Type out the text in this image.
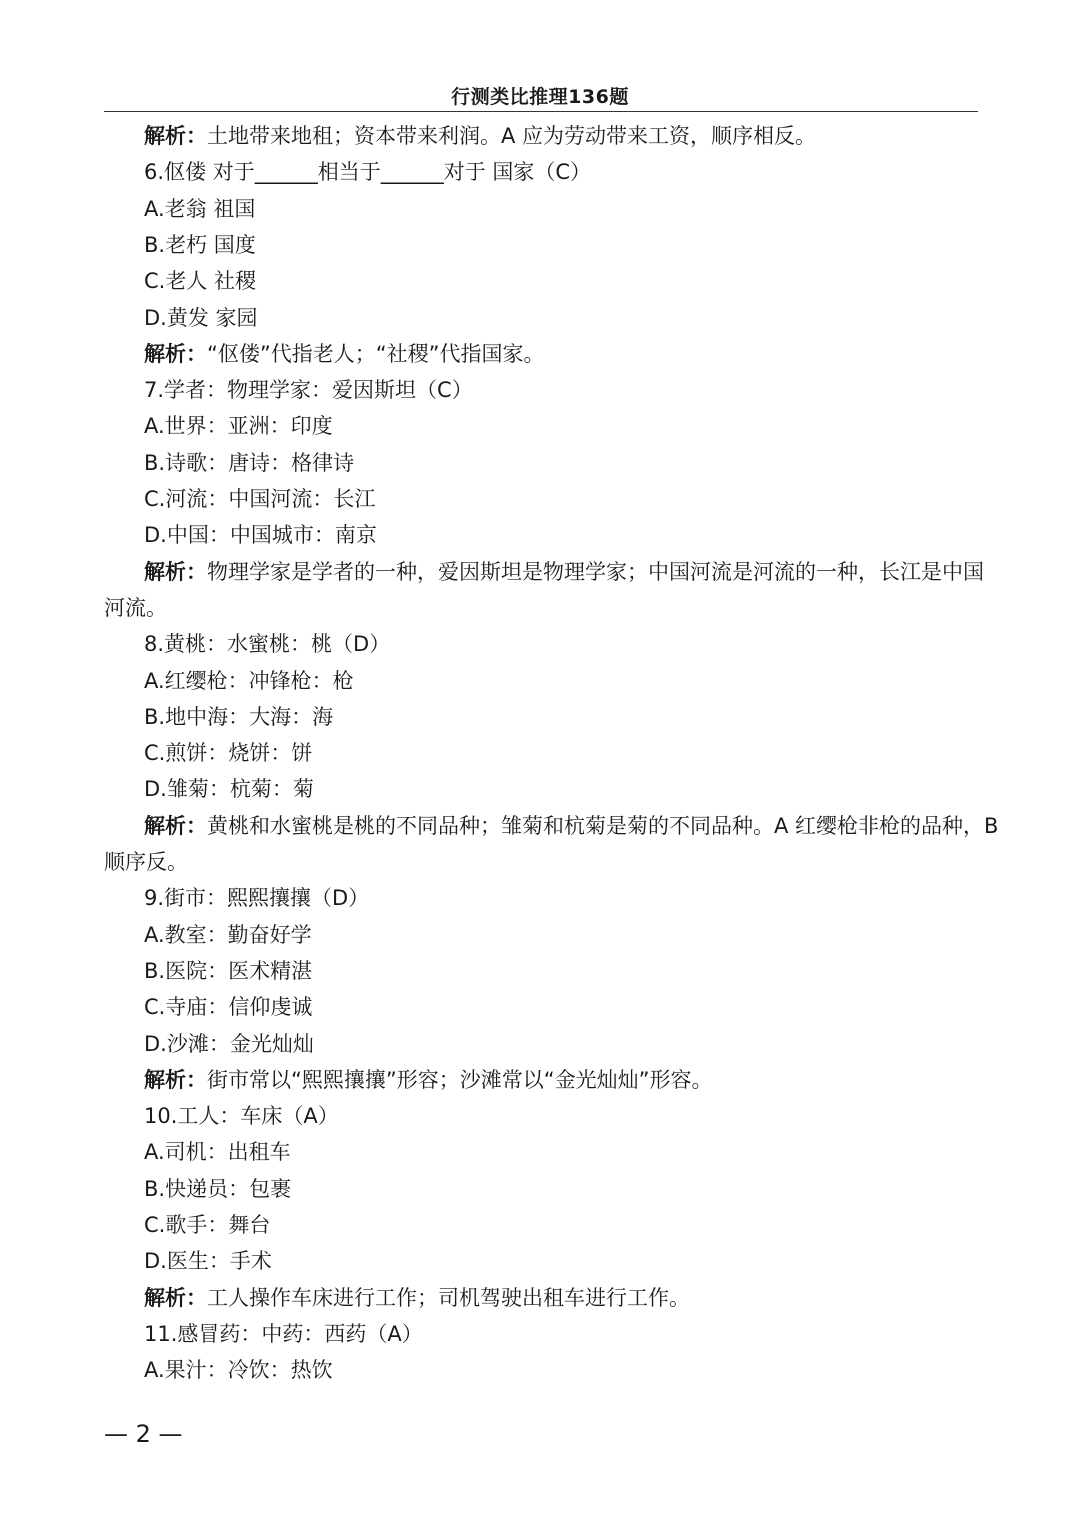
行测类比推理136题
解析：土地带来地租；资本带来利润。A 应为劳动带来工资，顺序相反。
6.伛偻 对于______相当于______对于 国家（C）
A.老翁 祖国
B.老朽 国度
C.老人 社稷
D.黄发 家园
解析：“伛偻”代指老人；“社稷”代指国家。
7.学者：物理学家：爱因斯坦（C）
A.世界：亚洲：印度
B.诗歌：唐诗：格律诗
C.河流：中国河流：长江
D.中国：中国城市：南京
解析：物理学家是学者的一种，爱因斯坦是物理学家；中国河流是河流的一种，长江是中国
河流。
8.黄桃：水蜜桃：桃（D）
A.红缨枪：冲锋枪：枪
B.地中海：大海：海
C.煎饼：烧饼：饼
D.雏菊：杭菊：菊
解析：黄桃和水蜜桃是桃的不同品种；雏菊和杭菊是菊的不同品种。A 红缨枪非枪的品种，B
顺序反。
9.街市：熙熙攘攘（D）
A.教室：勤奋好学
B.医院：医术精湛
C.寺庙：信仰虔诚
D.沙滩：金光灿灿
解析：街市常以“熙熙攘攘”形容；沙滩常以“金光灿灿”形容。
10.工人：车床（A）
A.司机：出租车
B.快递员：包裹
C.歌手：舞台
D.医生：手术
解析：工人操作车床进行工作；司机驾驶出租车进行工作。
11.感冒药：中药：西药（A）
A.果汁：冷饮：热饮
— 2 —
